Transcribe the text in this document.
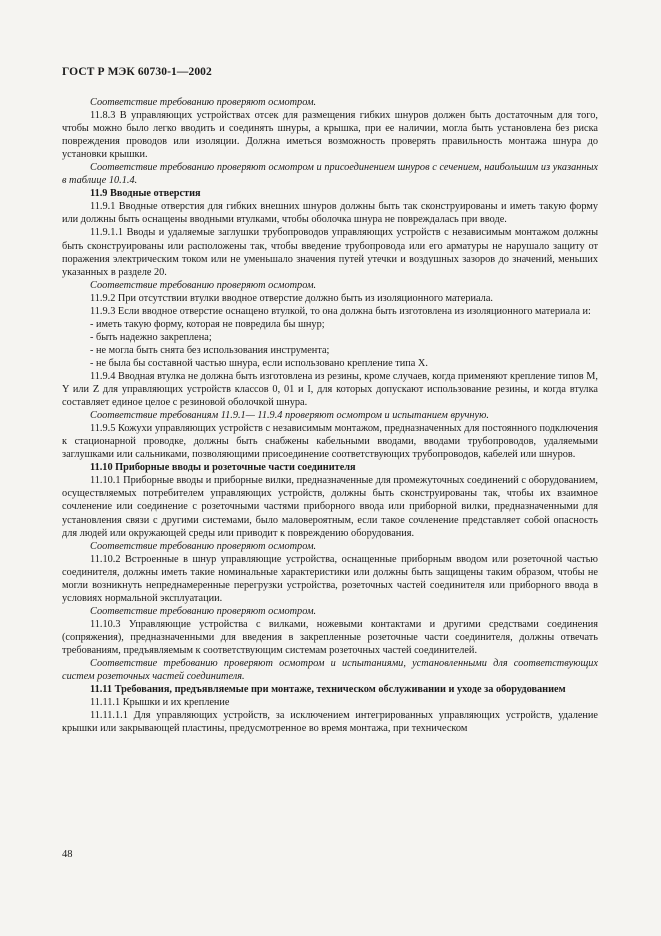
ГОСТ Р МЭК 60730-1—2002

Соответствие требованию проверяют осмотром.

11.8.3 В управляющих устройствах отсек для размещения гибких шнуров должен быть достаточным для того, чтобы можно было легко вводить и соединять шнуры, а крышка, при ее наличии, могла быть установлена без риска повреждения проводов или изоляции. Должна иметься возможность проверять правильность монтажа шнура до установки крышки.

Соответствие требованию проверяют осмотром и присоединением шнуров с сечением, наибольшим из указанных в таблице 10.1.4.

11.9 Вводные отверстия

11.9.1 Вводные отверстия для гибких внешних шнуров должны быть так сконструированы и иметь такую форму или должны быть оснащены вводными втулками, чтобы оболочка шнура не повреждалась при вводе.

11.9.1.1 Вводы и удаляемые заглушки трубопроводов управляющих устройств с независимым монтажом должны быть сконструированы или расположены так, чтобы введение трубопровода или его арматуры не нарушало защиту от поражения электрическим током или не уменьшало значения путей утечки и воздушных зазоров до значений, меньших указанных в разделе 20.

Соответствие требованию проверяют осмотром.

11.9.2 При отсутствии втулки вводное отверстие должно быть из изоляционного материала.

11.9.3 Если вводное отверстие оснащено втулкой, то она должна быть изготовлена из изоляционного материала и:

- иметь такую форму, которая не повредила бы шнур;

- быть надежно закреплена;

- не могла быть снята без использования инструмента;

- не была бы составной частью шнура, если использовано крепление типа X.

11.9.4 Вводная втулка не должна быть изготовлена из резины, кроме случаев, когда применяют крепление типов M, Y или Z для управляющих устройств классов 0, 01 и I, для которых допускают использование резины, и когда втулка составляет единое целое с резиновой оболочкой шнура.

Соответствие требованиям 11.9.1— 11.9.4 проверяют осмотром и испытанием вручную.

11.9.5 Кожухи управляющих устройств с независимым монтажом, предназначенных для постоянного подключения к стационарной проводке, должны быть снабжены кабельными вводами, вводами трубопроводов, удаляемыми заглушками или сальниками, позволяющими присоединение соответствующих трубопроводов, кабелей или шнуров.

11.10 Приборные вводы и розеточные части соединителя

11.10.1 Приборные вводы и приборные вилки, предназначенные для промежуточных соединений с оборудованием, осуществляемых потребителем управляющих устройств, должны быть сконструированы так, чтобы их взаимное сочленение или соединение с розеточными частями приборного ввода или приборной вилки, предназначенными для установления связи с другими системами, было маловероятным, если такое сочленение представляет собой опасность для людей или окружающей среды или приводит к повреждению оборудования.

Соответствие требованию проверяют осмотром.

11.10.2 Встроенные в шнур управляющие устройства, оснащенные приборным вводом или розеточной частью соединителя, должны иметь такие номинальные характеристики или должны быть защищены таким образом, чтобы не могли возникнуть непреднамеренные перегрузки устройства, розеточных частей соединителя или приборного ввода в условиях нормальной эксплуатации.

Соответствие требованию проверяют осмотром.

11.10.3 Управляющие устройства с вилками, ножевыми контактами и другими средствами соединения (сопряжения), предназначенными для введения в закрепленные розеточные части соединителя, должны отвечать требованиям, предъявляемым к соответствующим системам розеточных частей соединителей.

Соответствие требованию проверяют осмотром и испытаниями, установленными для соответствующих систем розеточных частей соединителя.

11.11 Требования, предъявляемые при монтаже, техническом обслуживании и уходе за оборудованием

11.11.1 Крышки и их крепление

11.11.1.1 Для управляющих устройств, за исключением интегрированных управляющих устройств, удаление крышки или закрывающей пластины, предусмотренное во время монтажа, при техническом

48
